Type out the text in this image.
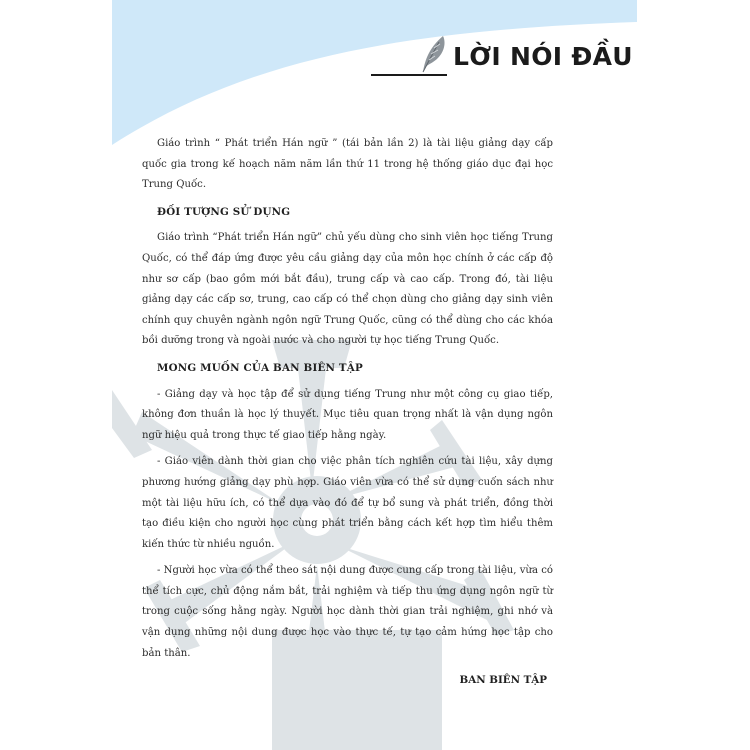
LỜI NÓI ĐẦU

Giáo trình “ Phát triển Hán ngữ ” (tái bản lần 2) là tài liệu giảng dạy cấp quốc gia trong kế hoạch năm năm lần thứ 11 trong hệ thống giáo dục đại học Trung Quốc.

ĐỐI TƯỢNG SỬ DỤNG

Giáo trình “Phát triển Hán ngữ” chủ yếu dùng cho sinh viên học tiếng Trung Quốc, có thể đáp ứng được yêu cầu giảng dạy của môn học chính ở các cấp độ như sơ cấp (bao gồm mới bắt đầu), trung cấp và cao cấp. Trong đó, tài liệu giảng dạy các cấp sơ, trung, cao cấp có thể chọn dùng cho giảng dạy sinh viên chính quy chuyên ngành ngôn ngữ Trung Quốc, cũng có thể dùng cho các khóa bồi dưỡng trong và ngoài nước và cho người tự học tiếng Trung Quốc.

MONG MUỐN CỦA BAN BIÊN TẬP

- Giảng dạy và học tập để sử dụng tiếng Trung như một công cụ giao tiếp, không đơn thuần là học lý thuyết. Mục tiêu quan trọng nhất là vận dụng ngôn ngữ hiệu quả trong thực tế giao tiếp hằng ngày.

- Giáo viên dành thời gian cho việc phân tích nghiên cứu tài liệu, xây dựng phương hướng giảng dạy phù hợp. Giáo viên vừa có thể sử dụng cuốn sách như một tài liệu hữu ích, có thể dựa vào đó để tự bổ sung và phát triển, đồng thời tạo điều kiện cho người học cùng phát triển bằng cách kết hợp tìm hiểu thêm kiến thức từ nhiều nguồn.

- Người học vừa có thể theo sát nội dung được cung cấp trong tài liệu, vừa có thể tích cực, chủ động nắm bắt, trải nghiệm và tiếp thu ứng dụng ngôn ngữ từ trong cuộc sống hằng ngày. Người học dành thời gian trải nghiệm, ghi nhớ và vận dụng những nội dung được học vào thực tế, tự tạo cảm hứng học tập cho bản thân.

BAN BIÊN TẬP
